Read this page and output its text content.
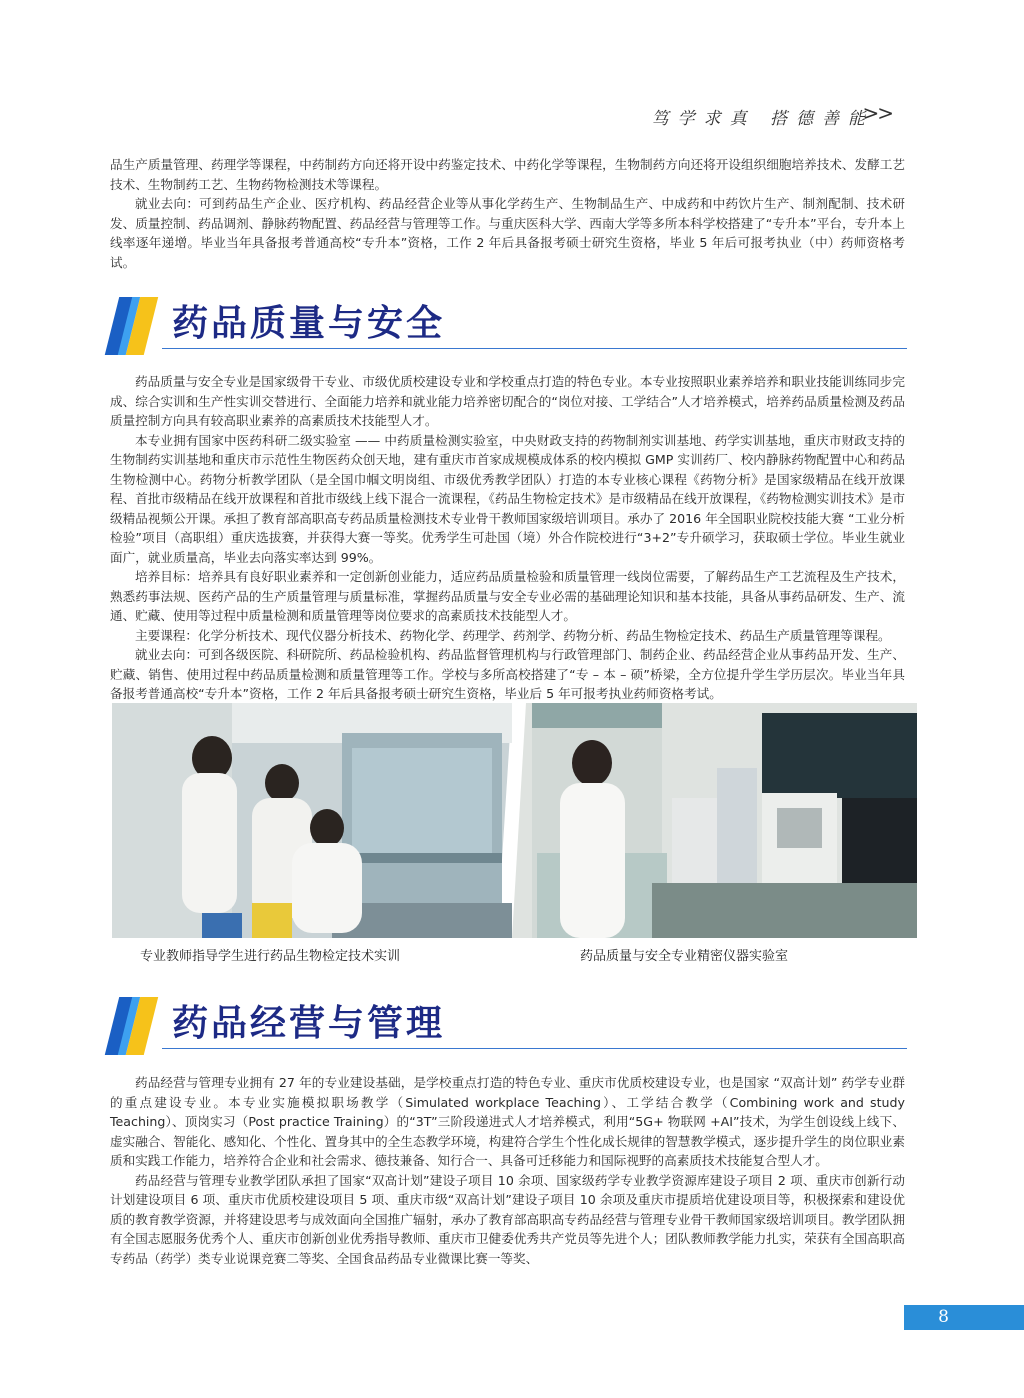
笃学求真 搭德善能
>>

品生产质量管理、药理学等课程，中药制药方向还将开设中药鉴定技术、中药化学等课程，生物制药方向还将开设组织细胞培养技术、发酵工艺技术、生物制药工艺、生物药物检测技术等课程。

就业去向：可到药品生产企业、医疗机构、药品经营企业等从事化学药生产、生物制品生产、中成药和中药饮片生产、制剂配制、技术研发、质量控制、药品调剂、静脉药物配置、药品经营与管理等工作。与重庆医科大学、西南大学等多所本科学校搭建了“专升本”平台，专升本上线率逐年递增。毕业当年具备报考普通高校“专升本”资格，工作 2 年后具备报考硕士研究生资格，毕业 5 年后可报考执业（中）药师资格考试。

药品质量与安全

药品质量与安全专业是国家级骨干专业、市级优质校建设专业和学校重点打造的特色专业。本专业按照职业素养培养和职业技能训练同步完成、综合实训和生产性实训交替进行、全面能力培养和就业能力培养密切配合的“岗位对接、工学结合”人才培养模式，培养药品质量检测及药品质量控制方向具有较高职业素养的高素质技术技能型人才。

本专业拥有国家中医药科研二级实验室 —— 中药质量检测实验室，中央财政支持的药物制剂实训基地、药学实训基地，重庆市财政支持的生物制药实训基地和重庆市示范性生物医药众创天地，建有重庆市首家成规模成体系的校内模拟 GMP 实训药厂、校内静脉药物配置中心和药品生物检测中心。药物分析教学团队（是全国巾帼文明岗组、市级优秀教学团队）打造的本专业核心课程《药物分析》是国家级精品在线开放课程、首批市级精品在线开放课程和首批市级线上线下混合一流课程，《药品生物检定技术》是市级精品在线开放课程，《药物检测实训技术》是市级精品视频公开课。承担了教育部高职高专药品质量检测技术专业骨干教师国家级培训项目。承办了 2016 年全国职业院校技能大赛 “工业分析检验”项目（高职组）重庆选拔赛，并获得大赛一等奖。优秀学生可赴国（境）外合作院校进行“3+2”专升硕学习，获取硕士学位。毕业生就业面广，就业质量高，毕业去向落实率达到 99%。

培养目标：培养具有良好职业素养和一定创新创业能力，适应药品质量检验和质量管理一线岗位需要，了解药品生产工艺流程及生产技术，熟悉药事法规、医药产品的生产质量管理与质量标准，掌握药品质量与安全专业必需的基础理论知识和基本技能，具备从事药品研发、生产、流通、贮藏、使用等过程中质量检测和质量管理等岗位要求的高素质技术技能型人才。

主要课程：化学分析技术、现代仪器分析技术、药物化学、药理学、药剂学、药物分析、药品生物检定技术、药品生产质量管理等课程。

就业去向：可到各级医院、科研院所、药品检验机构、药品监督管理机构与行政管理部门、制药企业、药品经营企业从事药品开发、生产、贮藏、销售、使用过程中药品质量检测和质量管理等工作。学校与多所高校搭建了“专 – 本 – 硕”桥梁，全方位提升学生学历层次。毕业当年具备报考普通高校“专升本”资格，工作 2 年后具备报考硕士研究生资格，毕业后 5 年可报考执业药师资格考试。

专业教师指导学生进行药品生物检定技术实训	药品质量与安全专业精密仪器实验室
药品经营与管理

药品经营与管理专业拥有 27 年的专业建设基础，是学校重点打造的特色专业、重庆市优质校建设专业，也是国家 “双高计划” 药学专业群的重点建设专业。本专业实施模拟职场教学（Simulated workplace Teaching）、工学结合教学（Combining work and study Teaching）、顶岗实习（Post practice Training）的“3T”三阶段递进式人才培养模式，利用“5G+ 物联网 +AI”技术，为学生创设线上线下、虚实融合、智能化、感知化、个性化、置身其中的全生态教学环境，构建符合学生个性化成长规律的智慧教学模式，逐步提升学生的岗位职业素质和实践工作能力，培养符合企业和社会需求、德技兼备、知行合一、具备可迁移能力和国际视野的高素质技术技能复合型人才。

药品经营与管理专业教学团队承担了国家“双高计划”建设子项目 10 余项、国家级药学专业教学资源库建设子项目 2 项、重庆市创新行动计划建设项目 6 项、重庆市优质校建设项目 5 项、重庆市级“双高计划”建设子项目 10 余项及重庆市提质培优建设项目等，积极探索和建设优质的教育教学资源，并将建设思考与成效面向全国推广辐射，承办了教育部高职高专药品经营与管理专业骨干教师国家级培训项目。教学团队拥有全国志愿服务优秀个人、重庆市创新创业优秀指导教师、重庆市卫健委优秀共产党员等先进个人；团队教师教学能力扎实，荣获有全国高职高专药品（药学）类专业说课竞赛二等奖、全国食品药品专业微课比赛一等奖、

8
